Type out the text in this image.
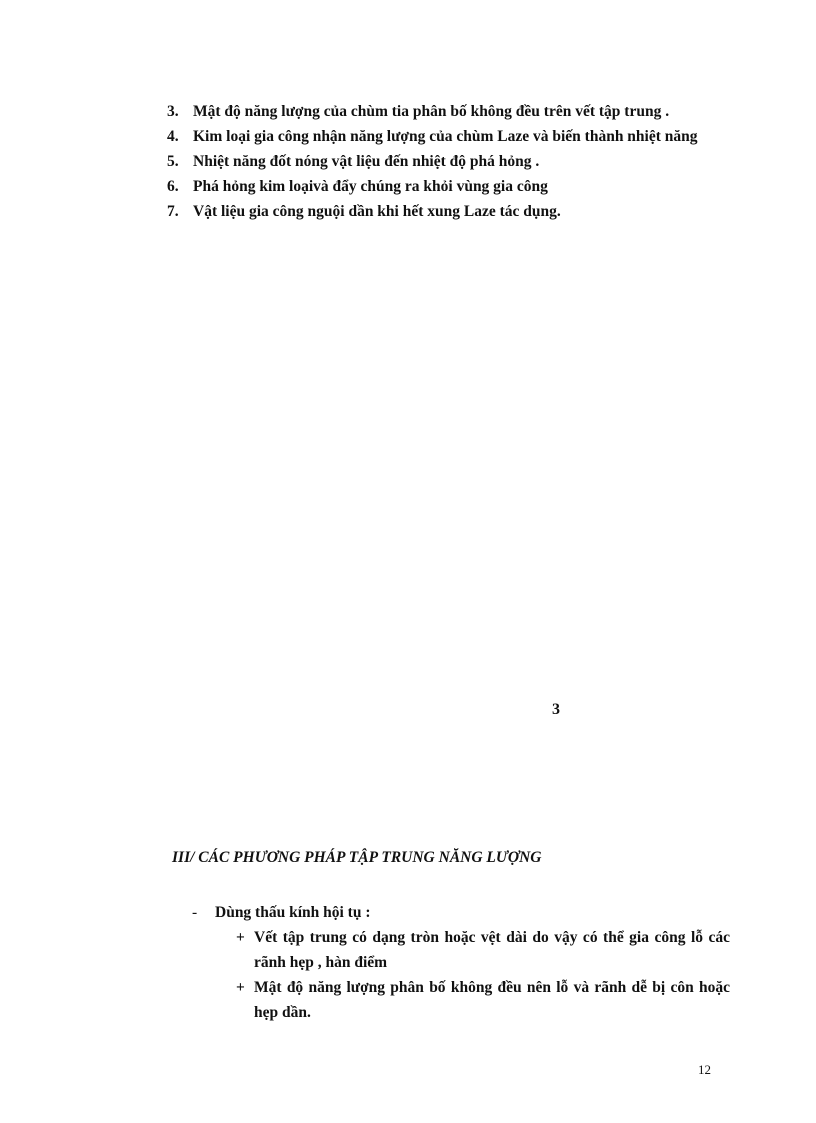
3. Mật độ năng lượng của chùm tia phân bố không đều trên vết tập trung .
4. Kim loại gia công nhận năng lượng của chùm Laze và biến thành nhiệt năng
5. Nhiệt năng đốt nóng vật liệu đến nhiệt độ phá hỏng .
6. Phá hỏng kim loạivà đẩy chúng ra khỏi vùng gia công
7. Vật liệu gia công nguội dần khi hết xung Laze tác dụng.
3
III/ CÁC PHƯƠNG PHÁP TẬP TRUNG NĂNG LƯỢNG
- Dùng thấu kính hội tụ :
+ Vết tập trung có dạng tròn hoặc vệt dài do vậy có thể gia công lỗ các rãnh hẹp , hàn điểm
+ Mật độ năng lượng phân bố không đều nên lỗ và rãnh dễ bị côn hoặc hẹp dần.
12
